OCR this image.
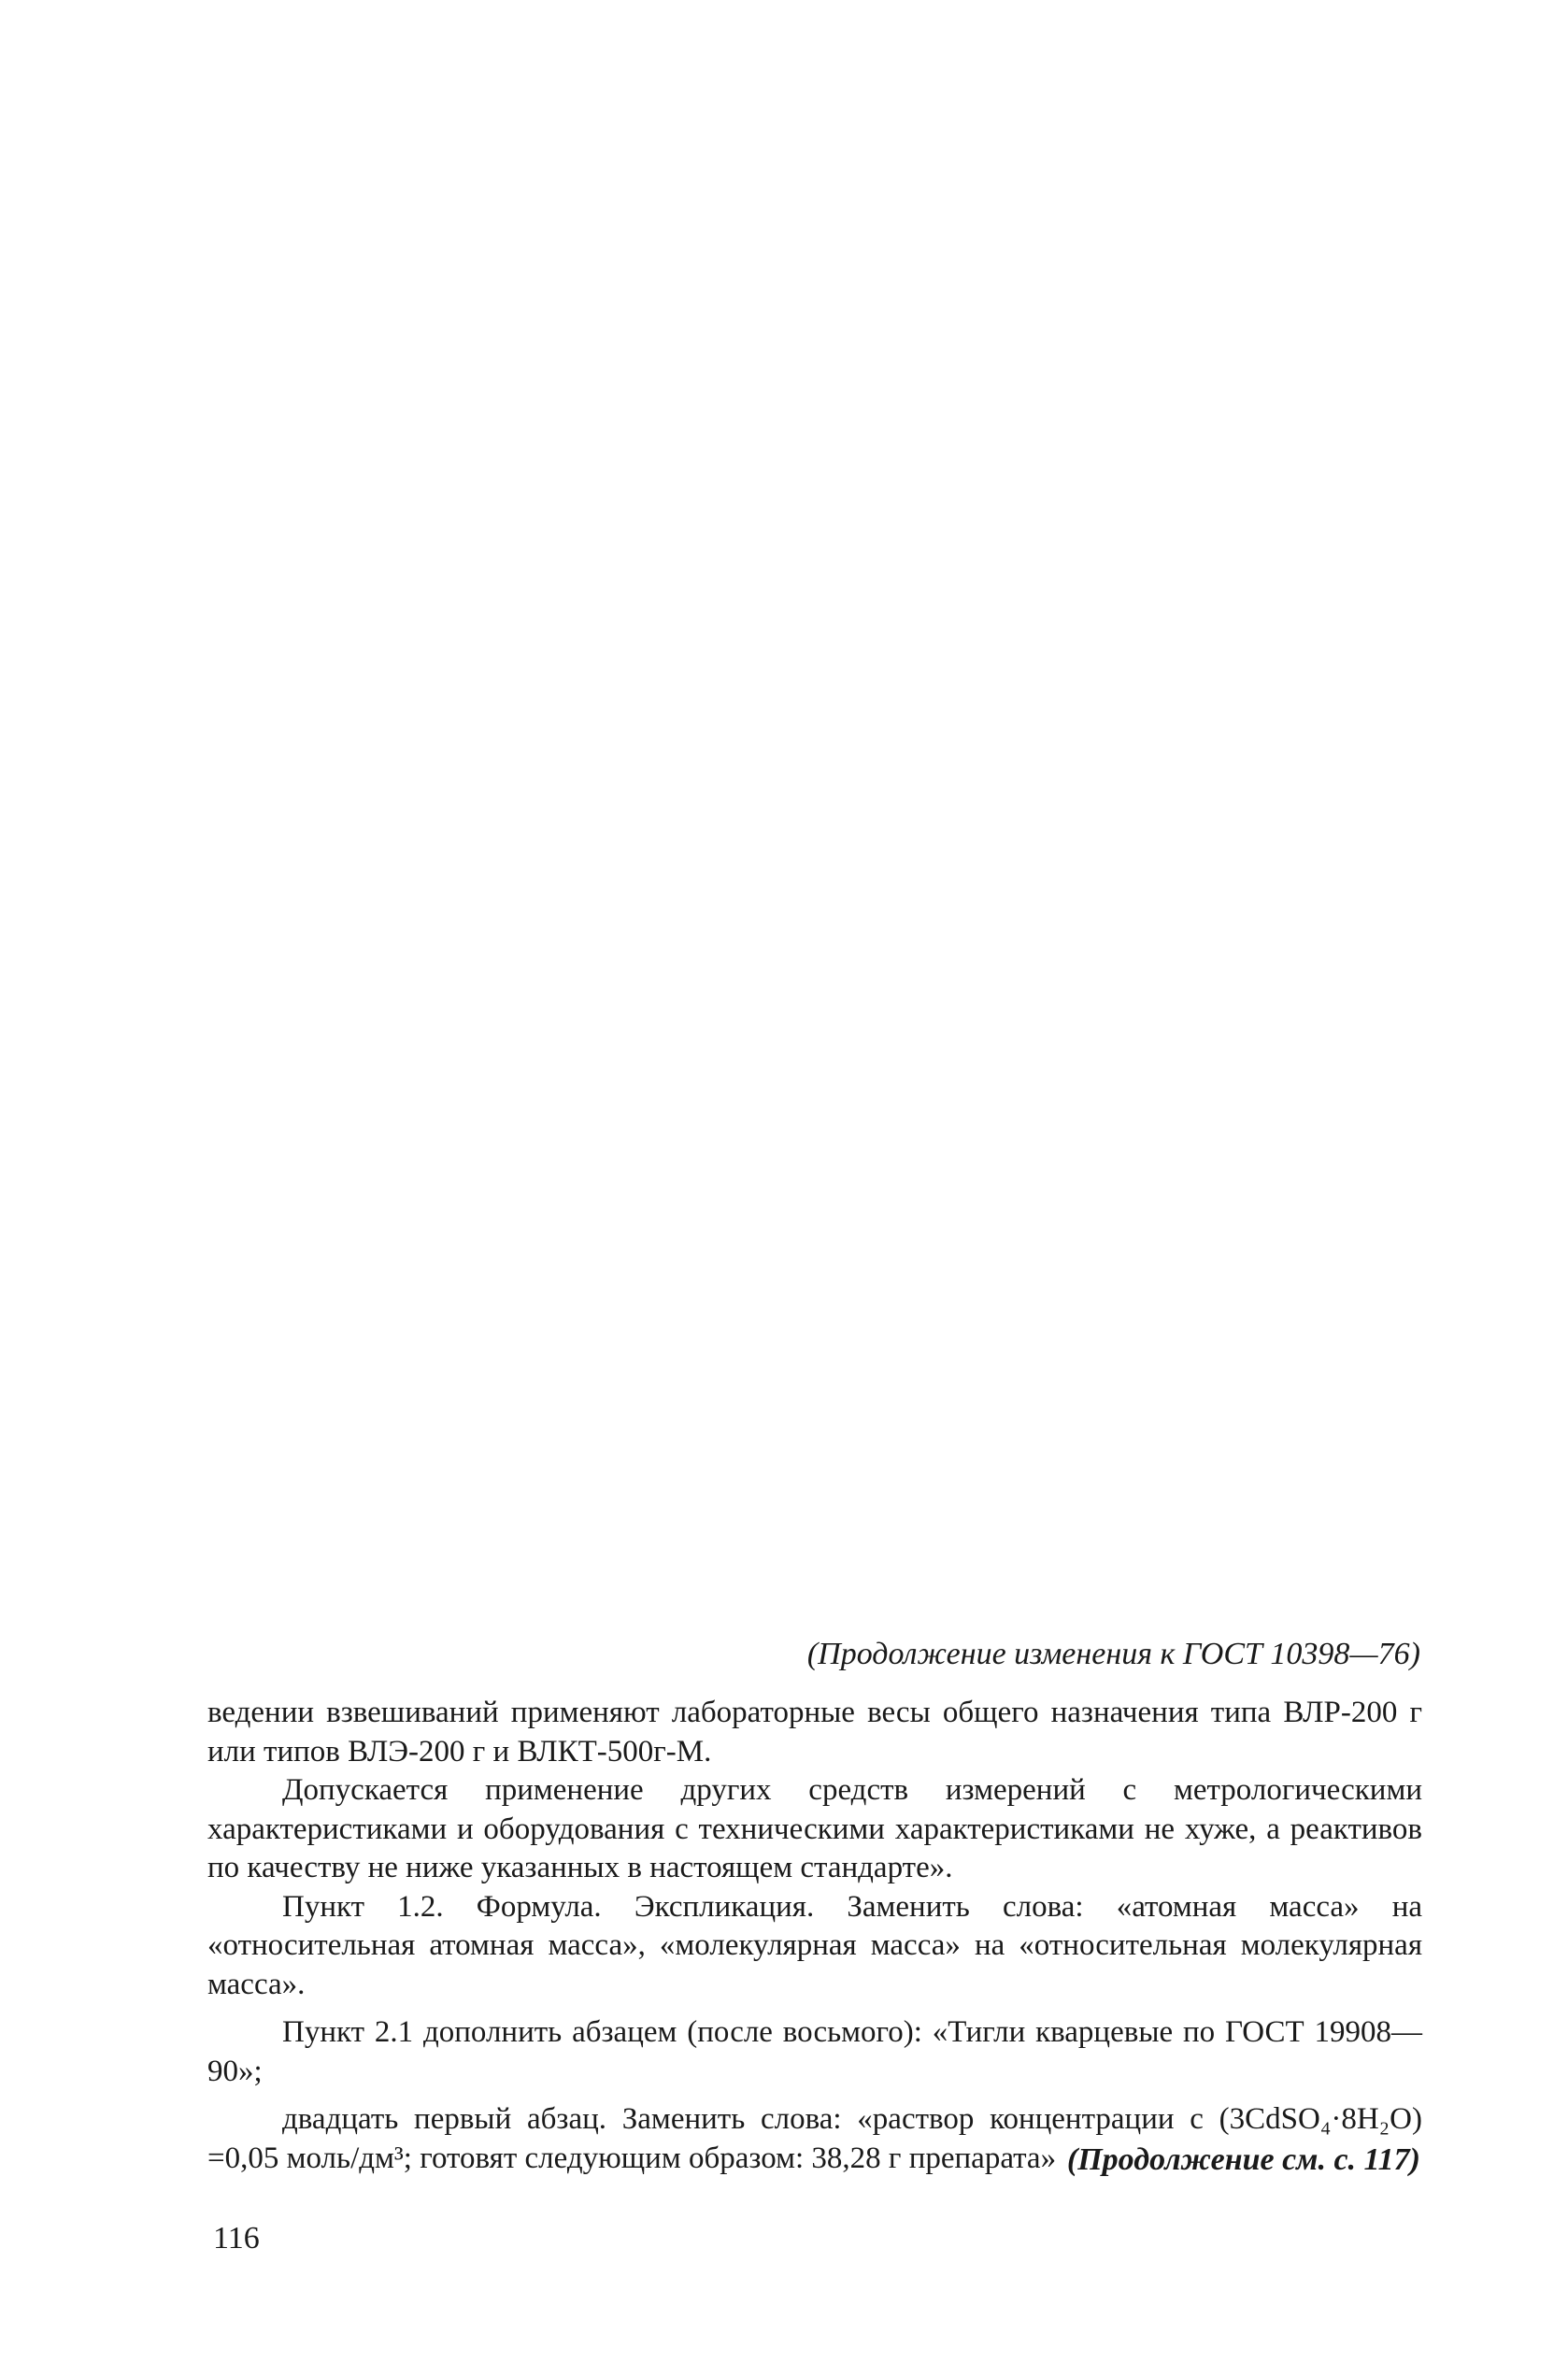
(Продолжение изменения к ГОСТ 10398—76)

ведении взвешиваний применяют лабораторные весы общего назначения типа ВЛР-200 г или типов ВЛЭ-200 г и ВЛКТ-500г-М.

Допускается применение других средств измерений с метрологическими характеристиками и оборудования с техническими характеристиками не хуже, а реактивов по качеству не ниже указанных в настоящем стандарте».

Пункт 1.2. Формула. Экспликация. Заменить слова: «атомная масса» на «относительная атомная масса», «молекулярная масса» на «относительная молекулярная масса».

Пункт 2.1 дополнить абзацем (после восьмого): «Тигли кварцевые по ГОСТ 19908—90»;

двадцать первый абзац. Заменить слова: «раствор концентрации c (3CdSO₄·8H₂O) =0,05 моль/дм³; готовят следующим образом: 38,28 г препарата» (Продолжение см. с. 117)
116
